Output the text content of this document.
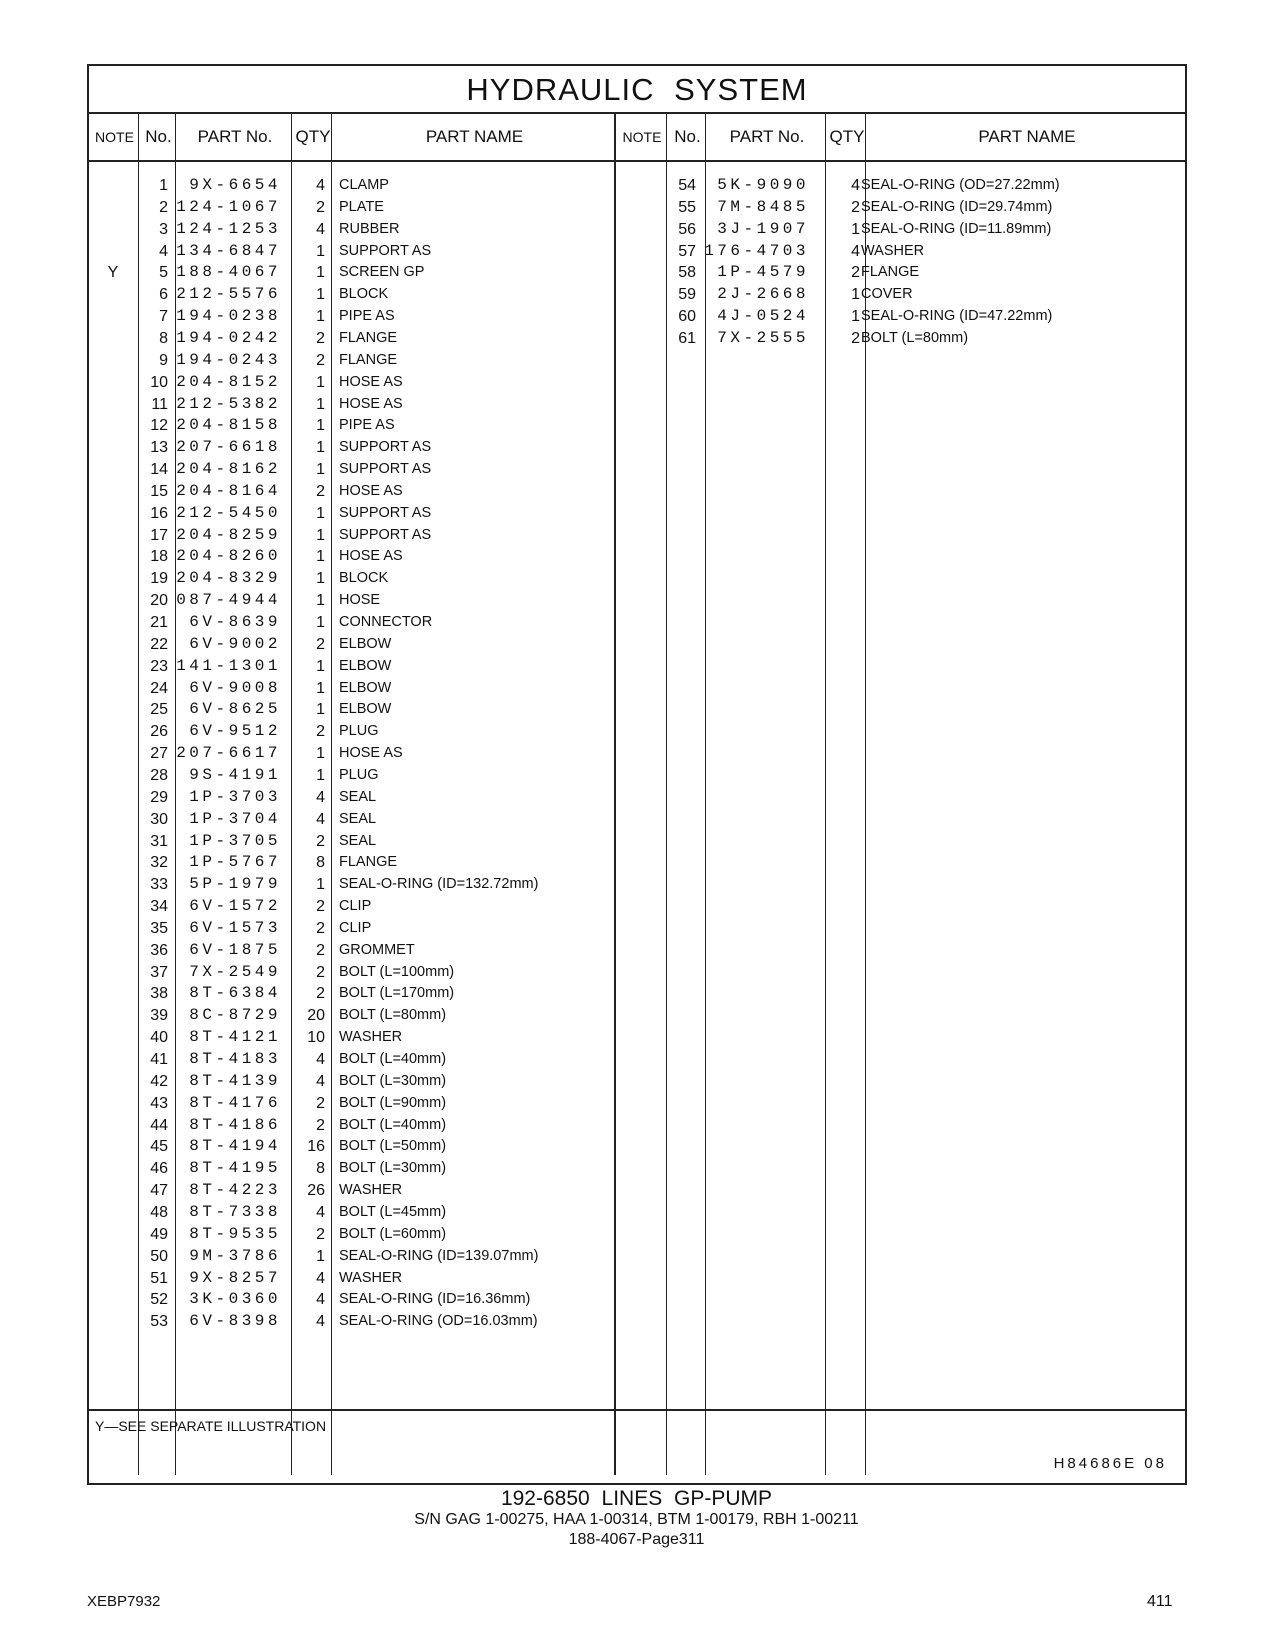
HYDRAULIC SYSTEM
NOTE No.	PART No.	QTY	PART NAME	NOTE No.	PART No.	QTY	PART NAME
1	9X-6654	4 CLAMP
2 124-1067	2 PLATE
3 124-1253	4 RUBBER
4 134-6847	1 SUPPORT AS
Y	5 188-4067	1 SCREEN GP
6 212-5576	1 BLOCK
7 194-0238	1 PIPE AS
8 194-0242	2 FLANGE
9 194-0243	2 FLANGE
10 204-8152	1 HOSE AS
11 212-5382	1 HOSE AS
12 204-8158	1 PIPE AS
13 207-6618	1 SUPPORT AS
14 204-8162	1 SUPPORT AS
15 204-8164	2 HOSE AS
16 212-5450	1 SUPPORT AS
17 204-8259	1 SUPPORT AS
18 204-8260	1 HOSE AS
19 204-8329	1 BLOCK
20 087-4944	1 HOSE
21	6V-8639	1 CONNECTOR
22	6V-9002	2 ELBOW
23 141-1301	1 ELBOW
24	6V-9008	1 ELBOW
25	6V-8625	1 ELBOW
26	6V-9512	2 PLUG
27 207-6617	1 HOSE AS
28	9S-4191	1 PLUG
29	1P-3703	4 SEAL
30	1P-3704	4 SEAL
31	1P-3705	2 SEAL
32	1P-5767	8 FLANGE
33	5P-1979	1 SEAL-O-RING (ID=132.72mm)
34	6V-1572	2 CLIP
35	6V-1573	2 CLIP
36	6V-1875	2 GROMMET
37	7X-2549	2 BOLT (L=100mm)
38	8T-6384	2 BOLT (L=170mm)
39	8C-8729	20 BOLT (L=80mm)
40	8T-4121	10 WASHER
41	8T-4183	4 BOLT (L=40mm)
42	8T-4139	4 BOLT (L=30mm)
43	8T-4176	2 BOLT (L=90mm)
44	8T-4186	2 BOLT (L=40mm)
45	8T-4194	16 BOLT (L=50mm)
46	8T-4195	8 BOLT (L=30mm)
47	8T-4223	26 WASHER
48	8T-7338	4 BOLT (L=45mm)
49	8T-9535	2 BOLT (L=60mm)
50	9M-3786	1 SEAL-O-RING (ID=139.07mm)
51	9X-8257	4 WASHER
52	3K-0360	4 SEAL-O-RING (ID=16.36mm)
53	6V-8398	4 SEAL-O-RING (OD=16.03mm)
54	5K-9090	4 SEAL-O-RING (OD=27.22mm)
55	7M-8485	2 SEAL-O-RING (ID=29.74mm)
56	3J-1907	1 SEAL-O-RING (ID=11.89mm)
57 176-4703	4 WASHER
58	1P-4579	2 FLANGE
59	2J-2668	1 COVER
60	4J-0524	1 SEAL-O-RING (ID=47.22mm)
61	7X-2555	2 BOLT (L=80mm)
Y—SEE SEPARATE ILLUSTRATION
H84686E 08
192-6850 LINES GP-PUMP
S/N GAG 1-00275, HAA 1-00314, BTM 1-00179, RBH 1-00211
188-4067-Page311
XEBP7932	411
